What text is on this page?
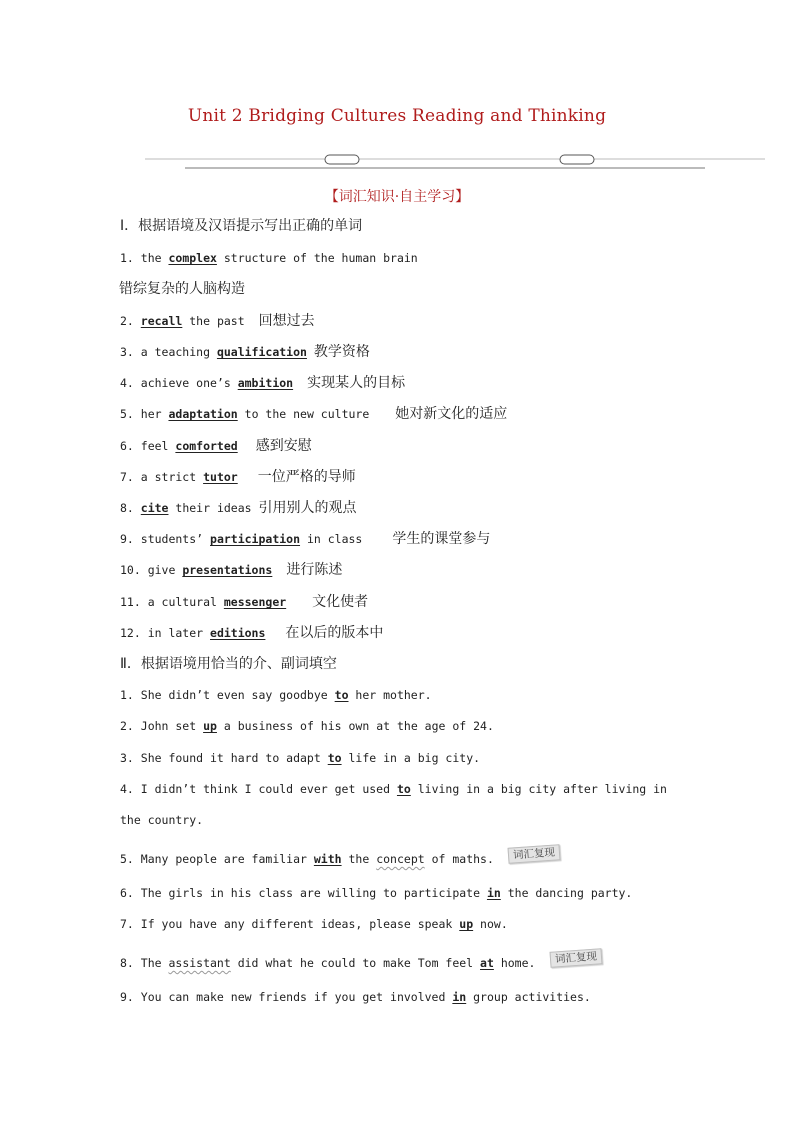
Unit 2 Bridging Cultures Reading and Thinking
【词汇知识·自主学习】
Ⅰ．根据语境及汉语提示写出正确的单词
1. the complex structure of the human brain
错综复杂的人脑构造
2. recall the past 回想过去
3. a teaching qualification 教学资格
4. achieve one’s ambition 实现某人的目标
5. her adaptation to the new culture 她对新文化的适应
6. feel comforted 感到安慰
7. a strict tutor 一位严格的导师
8. cite their ideas 引用别人的观点
9. students’ participation in class 学生的课堂参与
10. give presentations 进行陈述
11. a cultural messenger 文化使者
12. in later editions 在以后的版本中
Ⅱ．根据语境用恰当的介、副词填空
1. She didn’t even say goodbye to her mother.
2. John set up a business of his own at the age of 24.
3. She found it hard to adapt to life in a big city.
4. I didn’t think I could ever get used to living in a big city after living in
the country.
5. Many people are familiar with the concept of maths.	词汇复现
6. The girls in his class are willing to participate in the dancing party.
7. If you have any different ideas, please speak up now.
8. The assistant did what he could to make Tom feel at home.	词汇复现
9. You can make new friends if you get involved in group activities.
